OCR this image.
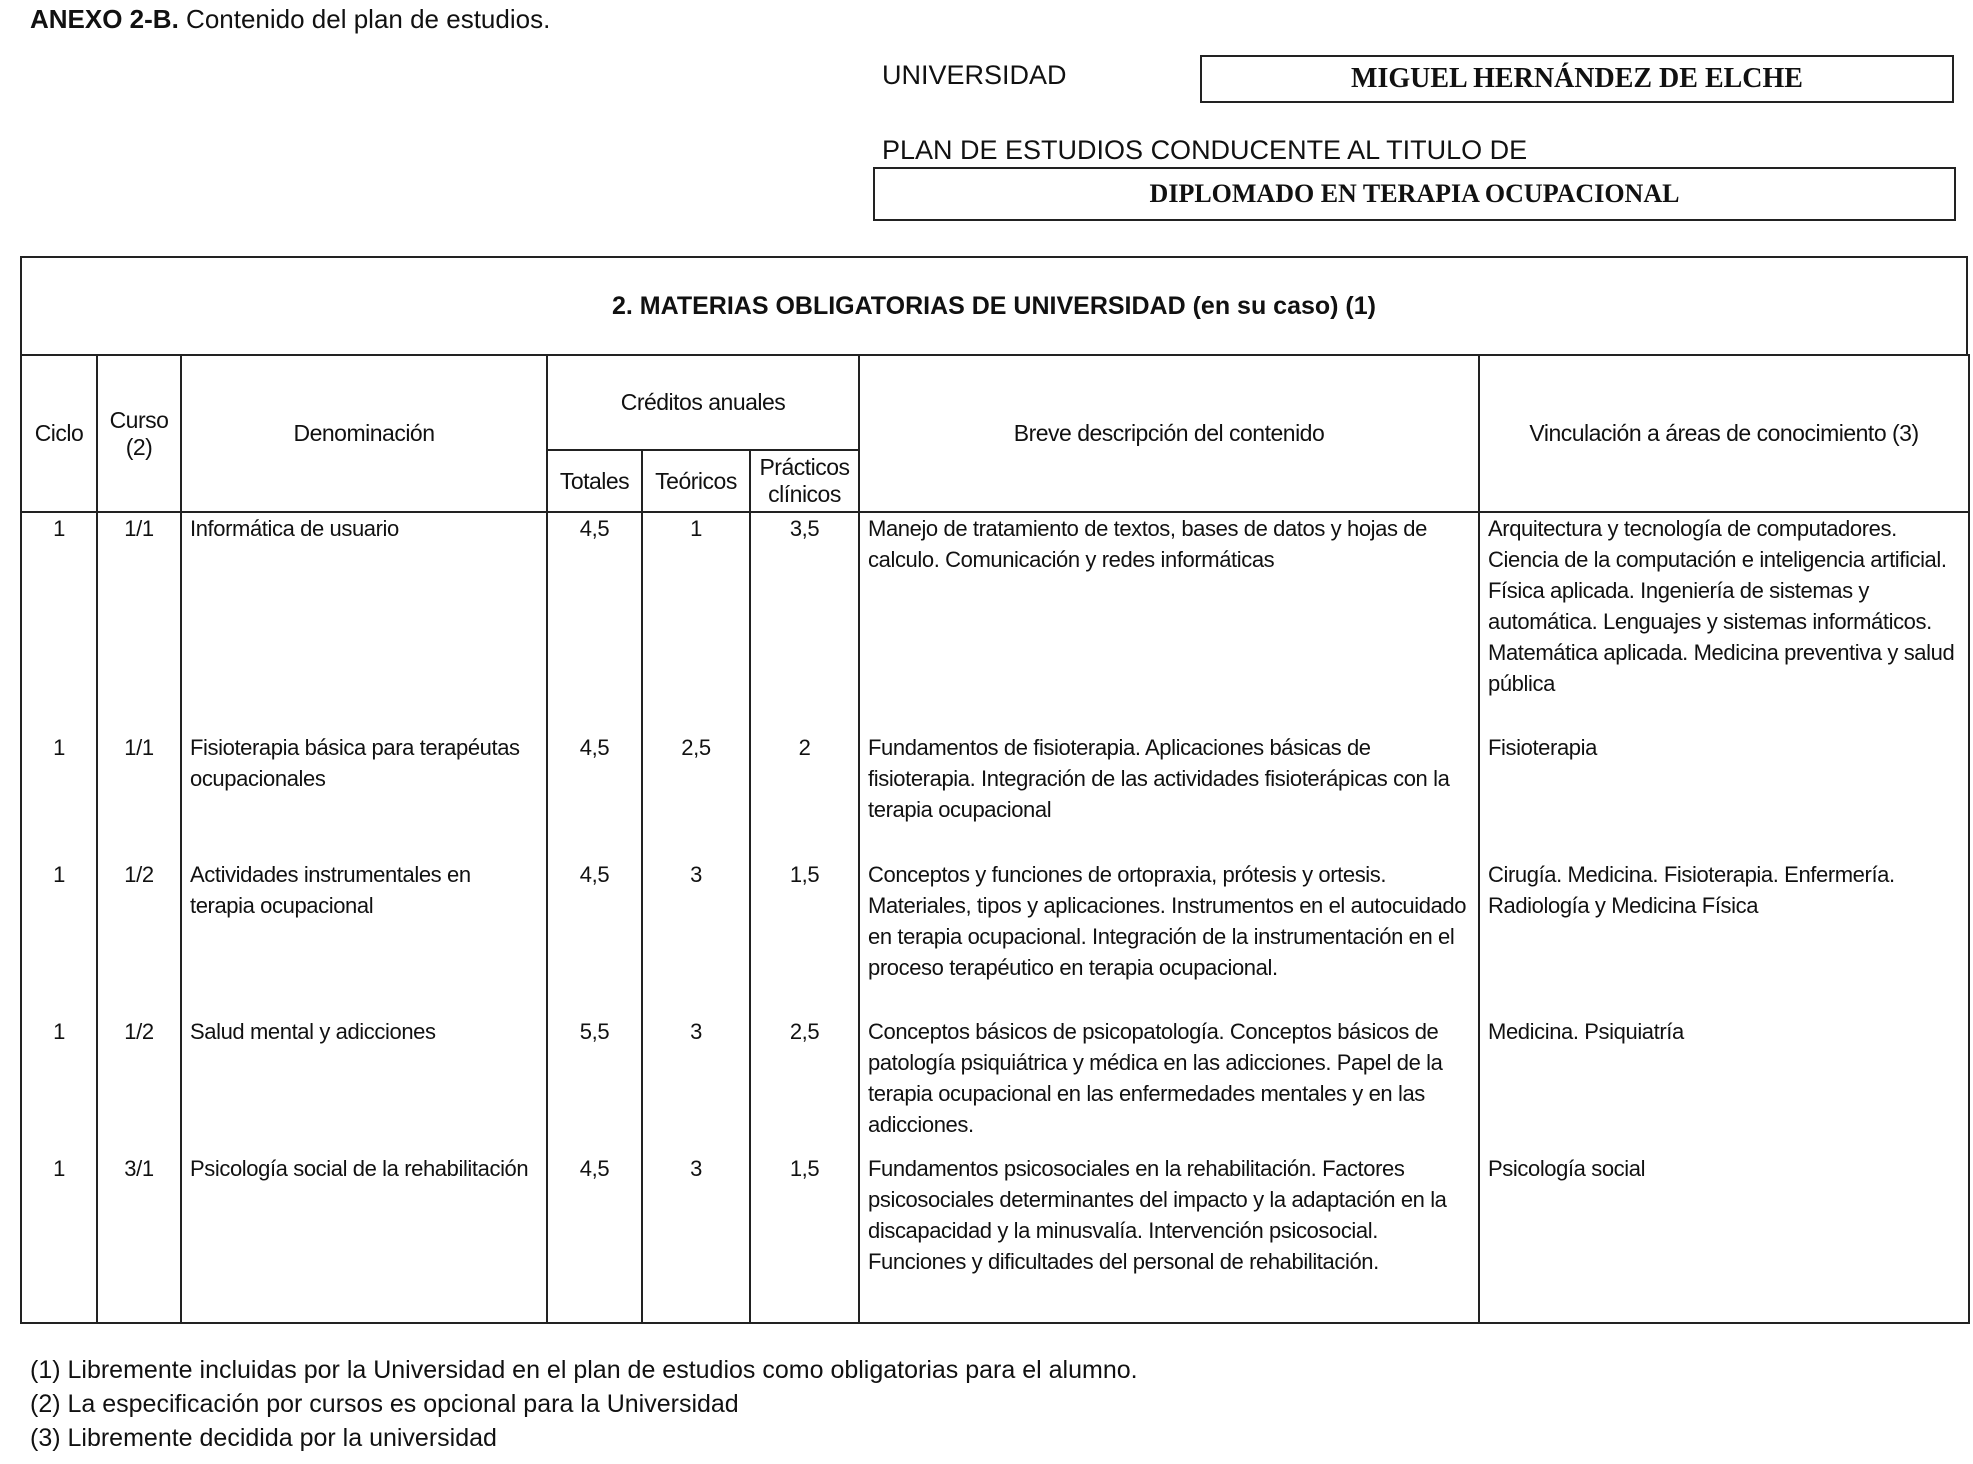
ANEXO 2-B. Contenido del plan de estudios.
UNIVERSIDAD	MIGUEL HERNÁNDEZ DE ELCHE
PLAN DE ESTUDIOS CONDUCENTE AL TITULO DE
DIPLOMADO EN TERAPIA OCUPACIONAL
2. MATERIAS OBLIGATORIAS DE UNIVERSIDAD (en su caso) (1)
Ciclo	Curso (2)	Denominación	Créditos anuales			Breve descripción del contenido	Vinculación a áreas de conocimiento (3)
			Totales	Teóricos	Prácticos clínicos		
1	1/1	Informática de usuario	4,5	1	3,5	Manejo de tratamiento de textos, bases de datos y hojas de calculo. Comunicación y redes informáticas	Arquitectura y tecnología de computadores. Ciencia de la computación e inteligencia artificial. Física aplicada. Ingeniería de sistemas y automática. Lenguajes y sistemas informáticos. Matemática aplicada. Medicina preventiva y salud pública
1	1/1	Fisioterapia básica para terapéutas ocupacionales	4,5	2,5	2	Fundamentos de fisioterapia. Aplicaciones básicas de fisioterapia. Integración de las actividades fisioterápicas con la terapia ocupacional	Fisioterapia
1	1/2	Actividades instrumentales en terapia ocupacional	4,5	3	1,5	Conceptos y funciones de ortopraxia, prótesis y ortesis. Materiales, tipos y aplicaciones. Instrumentos en el autocuidado en terapia ocupacional. Integración de la instrumentación en el proceso terapéutico en terapia ocupacional.	Cirugía. Medicina. Fisioterapia. Enfermería. Radiología y Medicina Física
1	1/2	Salud mental y adicciones	5,5	3	2,5	Conceptos básicos de psicopatología. Conceptos básicos de patología psiquiátrica y médica en las adicciones. Papel de la terapia ocupacional en las enfermedades mentales y en las adicciones.	Medicina. Psiquiatría
1	3/1	Psicología social de la rehabilitación	4,5	3	1,5	Fundamentos psicosociales en la rehabilitación. Factores psicosociales determinantes del impacto y la adaptación en la discapacidad y la minusvalía. Intervención psicosocial. Funciones y dificultades del personal de rehabilitación.	Psicología social
(1) Libremente incluidas por la Universidad en el plan de estudios como obligatorias para el alumno.
(2) La especificación por cursos es opcional para la Universidad
(3) Libremente decidida por la universidad
